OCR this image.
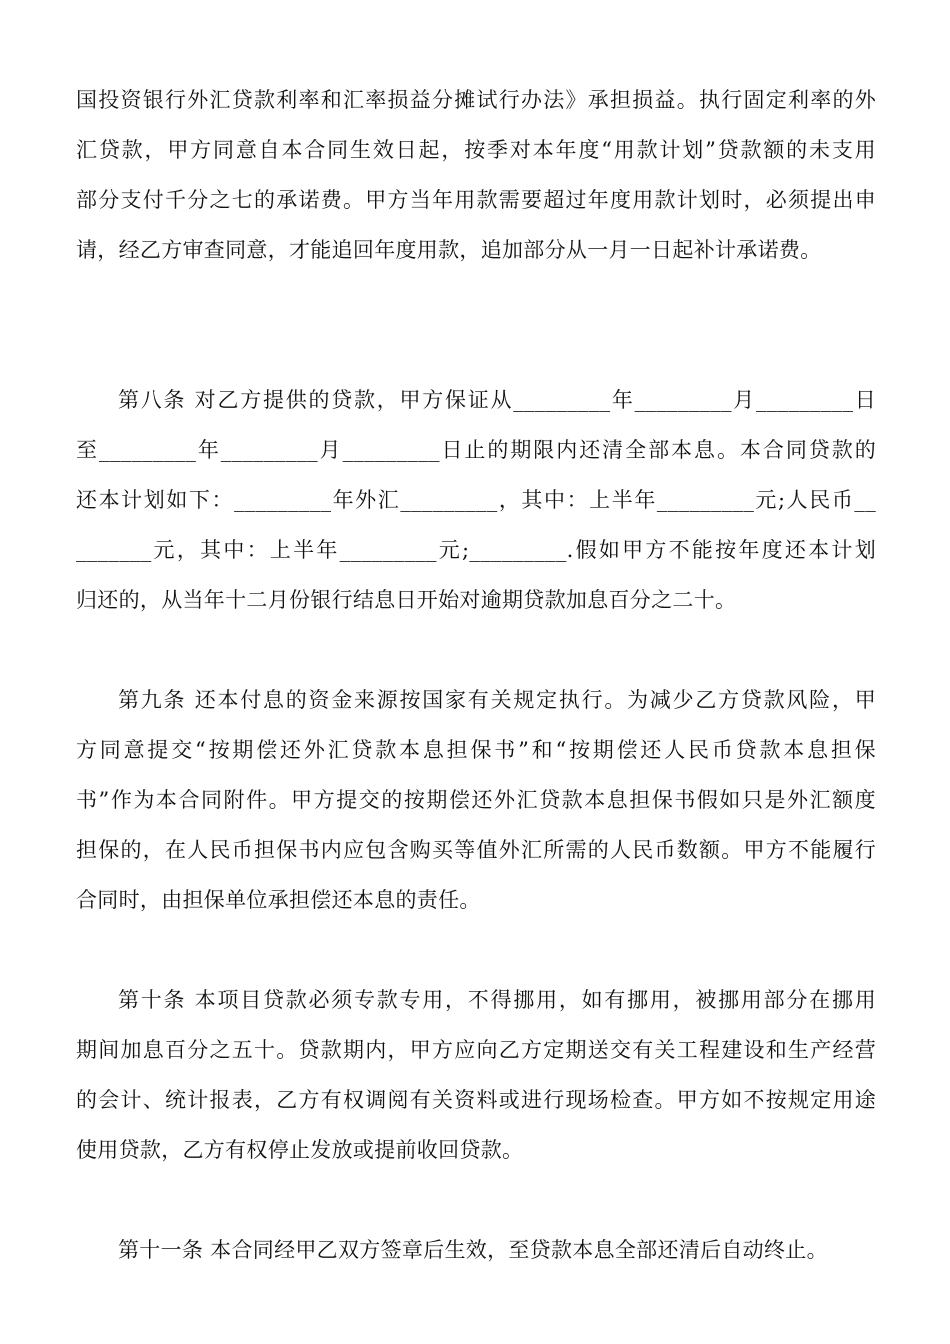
国投资银行外汇贷款利率和汇率损益分摊试行办法》承担损益。执行固定利率的外
汇贷款，甲方同意自本合同生效日起，按季对本年度“用款计划”贷款额的未支用
部分支付千分之七的承诺费。甲方当年用款需要超过年度用款计划时，必须提出申
请，经乙方审查同意，才能追回年度用款，追加部分从一月一日起补计承诺费。
第八条 对乙方提供的贷款，甲方保证从_________年_________月_________日
至_________年_________月_________日止的期限内还清全部本息。本合同贷款的
还本计划如下：_________年外汇_________，其中：上半年_________元;人民币__
_______元，其中：上半年_________元;_________.假如甲方不能按年度还本计划
归还的，从当年十二月份银行结息日开始对逾期贷款加息百分之二十。
第九条 还本付息的资金来源按国家有关规定执行。为减少乙方贷款风险，甲
方同意提交“按期偿还外汇贷款本息担保书”和“按期偿还人民币贷款本息担保
书”作为本合同附件。甲方提交的按期偿还外汇贷款本息担保书假如只是外汇额度
担保的，在人民币担保书内应包含购买等值外汇所需的人民币数额。甲方不能履行
合同时，由担保单位承担偿还本息的责任。
第十条 本项目贷款必须专款专用，不得挪用，如有挪用，被挪用部分在挪用
期间加息百分之五十。贷款期内，甲方应向乙方定期送交有关工程建设和生产经营
的会计、统计报表，乙方有权调阅有关资料或进行现场检查。甲方如不按规定用途
使用贷款，乙方有权停止发放或提前收回贷款。
第十一条 本合同经甲乙双方签章后生效，至贷款本息全部还清后自动终止。
